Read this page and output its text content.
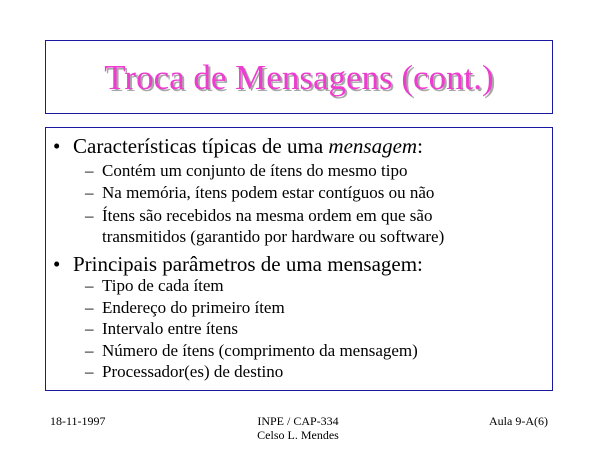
Troca de Mensagens (cont.)
• Características típicas de uma mensagem:
– Contém um conjunto de ítens do mesmo tipo
– Na memória, ítens podem estar contíguos ou não
– Ítens são recebidos na mesma ordem em que são
transmitidos (garantido por hardware ou software)
• Principais parâmetros de uma mensagem:
– Tipo de cada ítem
– Endereço do primeiro ítem
– Intervalo entre ítens
– Número de ítens (comprimento da mensagem)
– Processador(es) de destino
18-11-1997	INPE / CAP-334
Celso L. Mendes
Aula 9-A(6)
